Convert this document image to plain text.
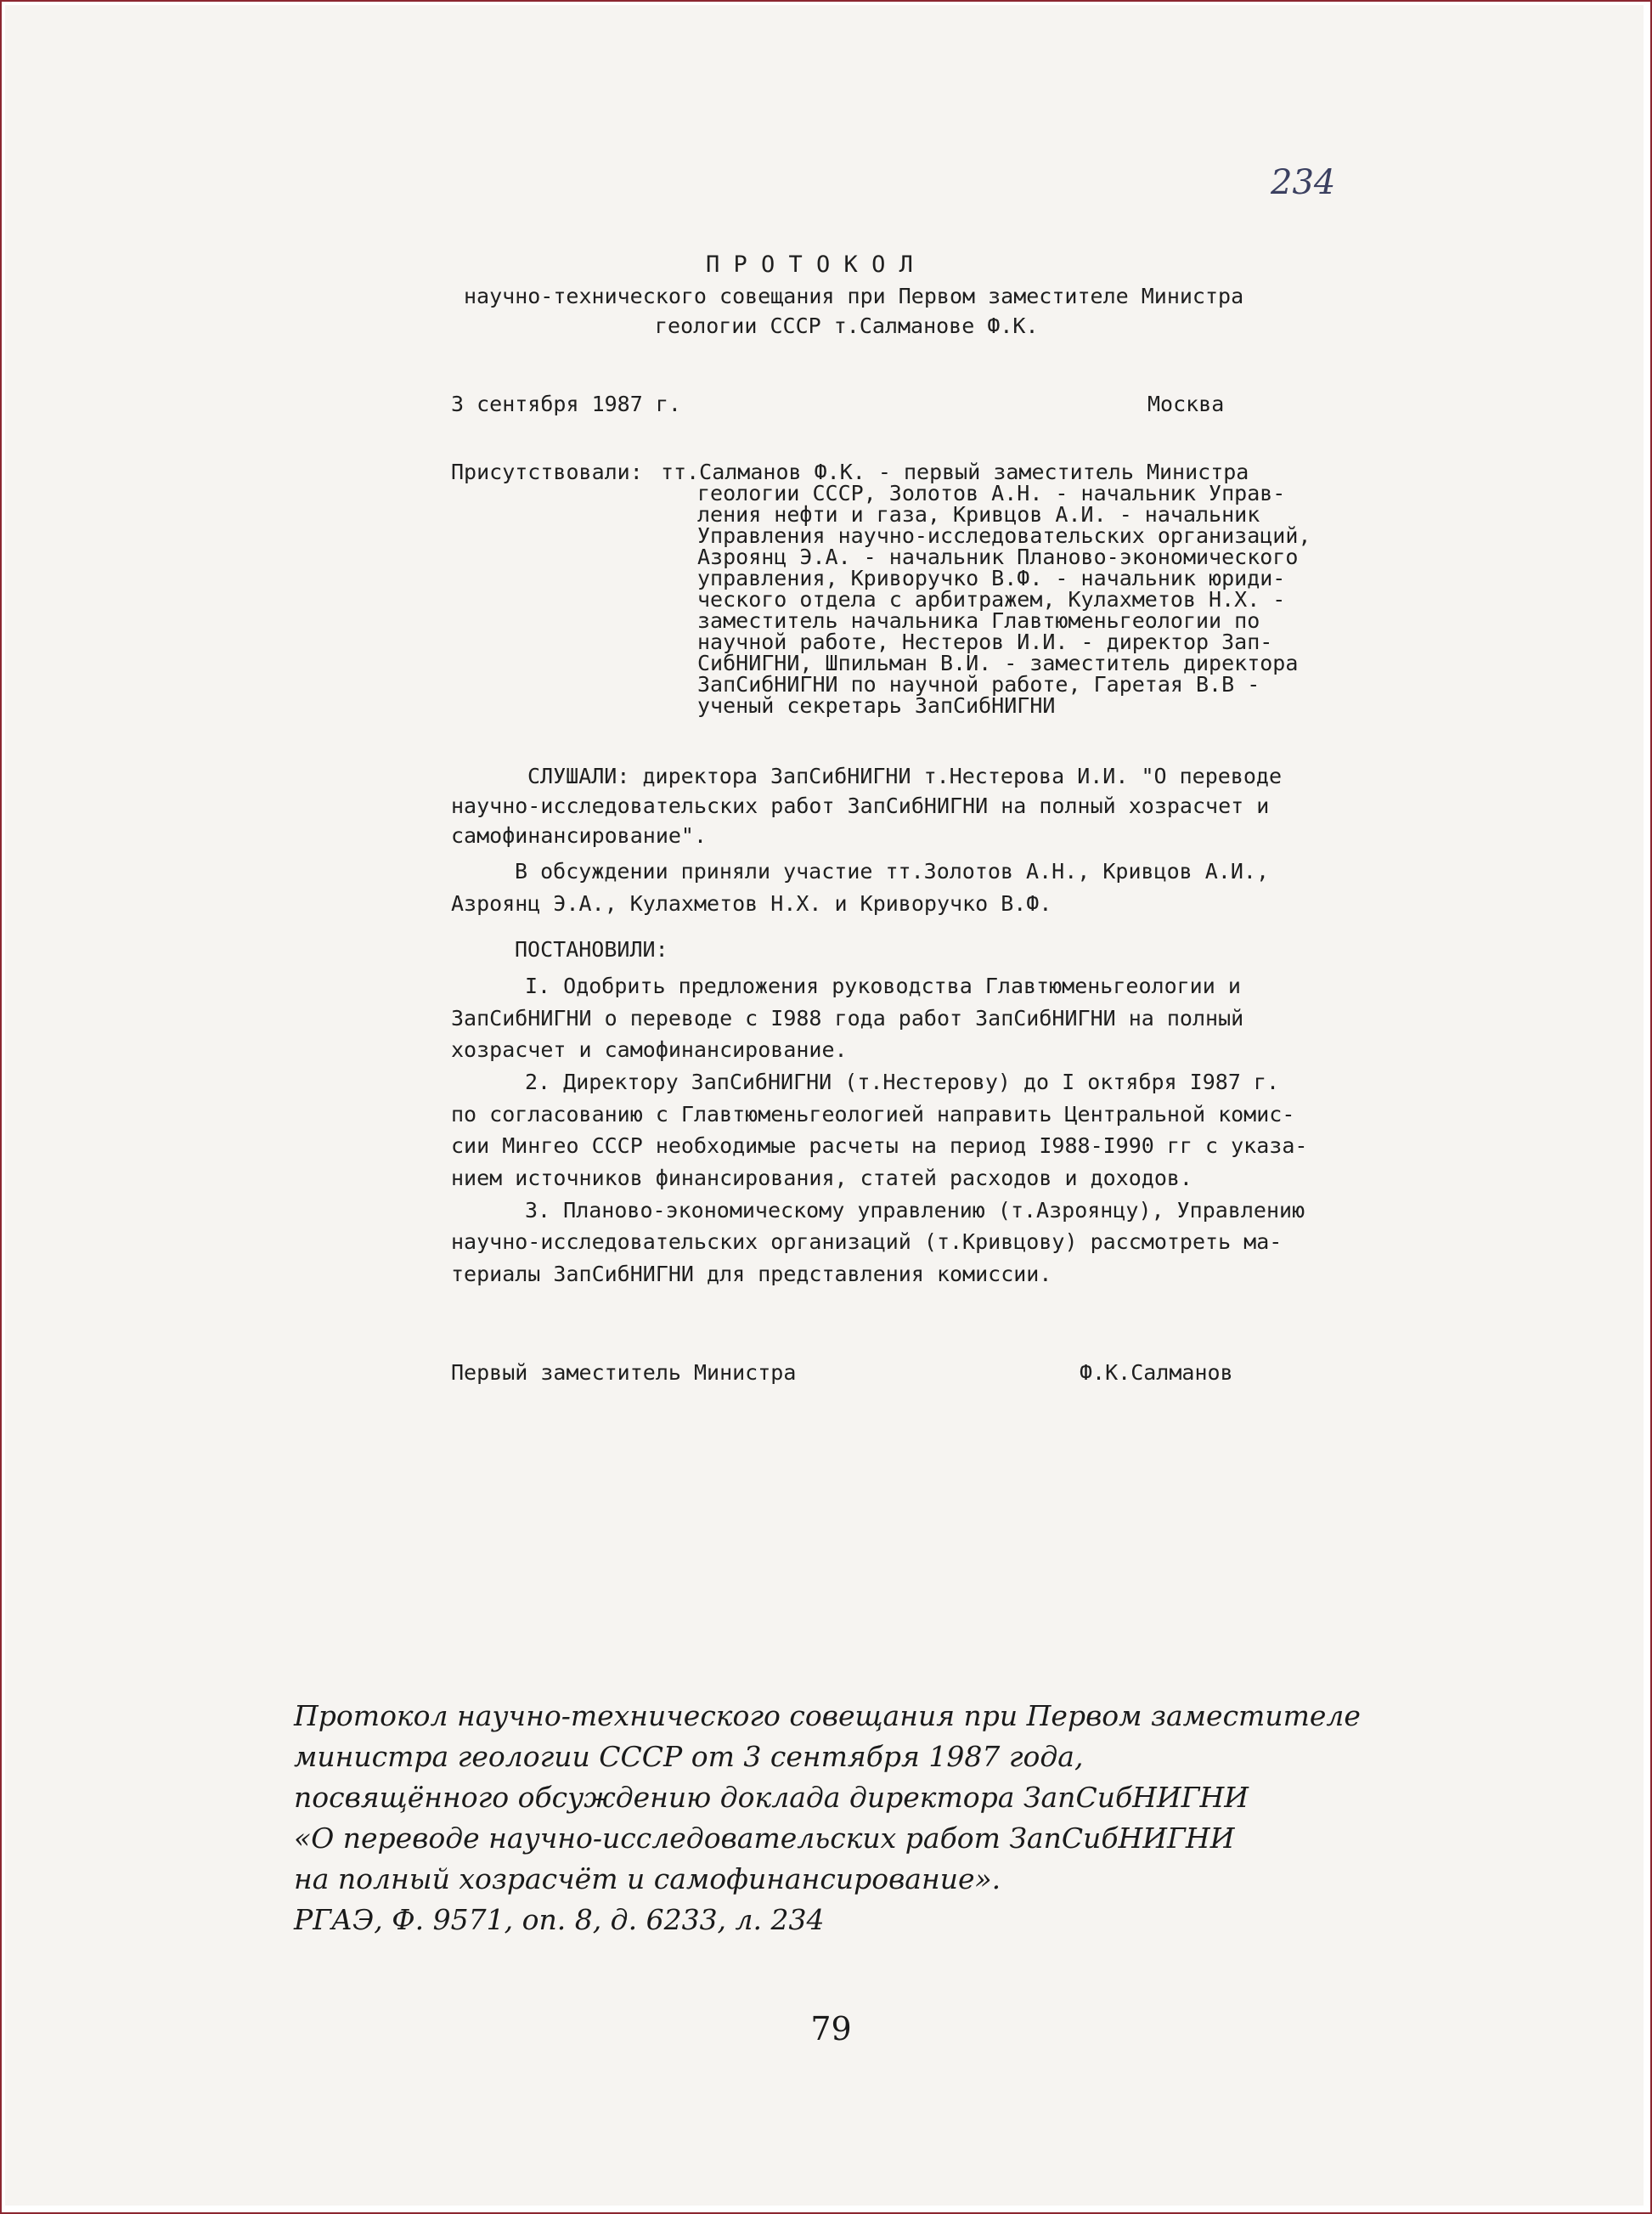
234
П Р О Т О К О Л
научно-технического совещания при Первом заместителе Министра
геологии СССР т.Салманове Ф.К.
3 сентября 1987 г.	Москва
Присутствовали: тт.Салманов Ф.К. - первый заместитель Министра
геологии СССР, Золотов А.Н. - начальник Управ-
ления нефти и газа, Кривцов А.И. - начальник
Управления научно-исследовательских организаций,
Азроянц Э.А. - начальник Планово-экономического
управления, Криворучко В.Ф. - начальник юриди-
ческого отдела с арбитражем, Кулахметов Н.Х. -
заместитель начальника Главтюменьгеологии по
научной работе, Нестеров И.И. - директор Зап-
СибНИГНИ, Шпильман В.И. - заместитель директора
ЗапСибНИГНИ по научной работе, Гаретая В.В -
ученый секретарь ЗапСибНИГНИ
СЛУШАЛИ: директора ЗапСибНИГНИ т.Нестерова И.И. "О переводе
научно-исследовательских работ ЗапСибНИГНИ на полный хозрасчет и
самофинансирование".
В обсуждении приняли участие тт.Золотов А.Н., Кривцов А.И.,
Азроянц Э.А., Кулахметов Н.Х. и Криворучко В.Ф.
ПОСТАНОВИЛИ:
I. Одобрить предложения руководства Главтюменьгеологии и
ЗапСибНИГНИ о переводе с I988 года работ ЗапСибНИГНИ на полный
хозрасчет и самофинансирование.
2. Директору ЗапСибНИГНИ (т.Нестерову) до I октября I987 г.
по согласованию с Главтюменьгеологией направить Центральной комис-
сии Мингео СССР необходимые расчеты на период I988-I990 гг с указа-
нием источников финансирования, статей расходов и доходов.
3. Планово-экономическому управлению (т.Азроянцу), Управлению
научно-исследовательских организаций (т.Кривцову) рассмотреть ма-
териалы ЗапСибНИГНИ для представления комиссии.
Первый заместитель Министра	Ф.К.Салманов
Протокол научно-технического совещания при Первом заместителе
министра геологии СССР от 3 сентября 1987 года,
посвящённого обсуждению доклада директора ЗапСибНИГНИ
«О переводе научно-исследовательских работ ЗапСибНИГНИ
на полный хозрасчёт и самофинансирование».
РГАЭ, Ф. 9571, оп. 8, д. 6233, л. 234
79
